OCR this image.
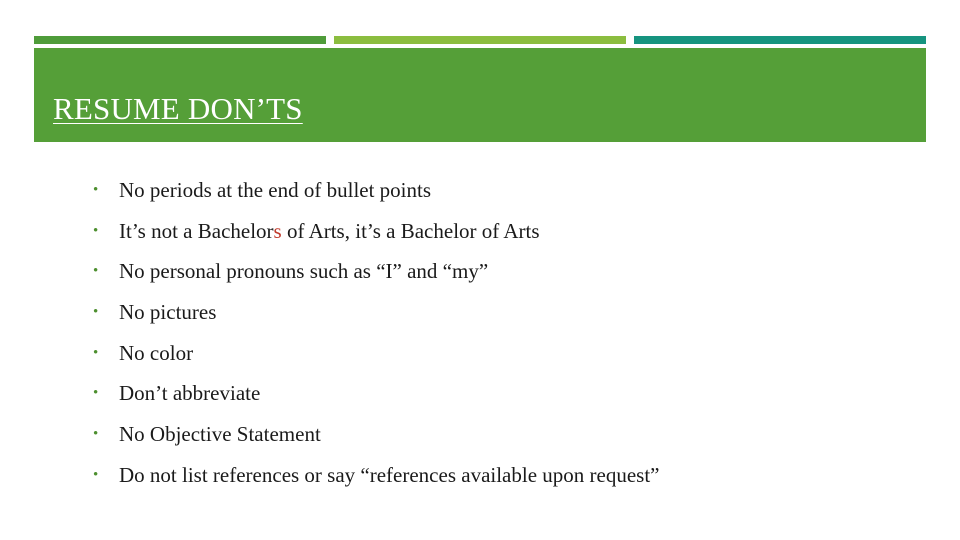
RESUME DON’TS
• No periods at the end of bullet points
• It’s not a Bachelors of Arts, it’s a Bachelor of Arts
• No personal pronouns such as “I” and “my”
• No pictures
• No color
• Don’t abbreviate
• No Objective Statement
• Do not list references or say “references available upon request”
